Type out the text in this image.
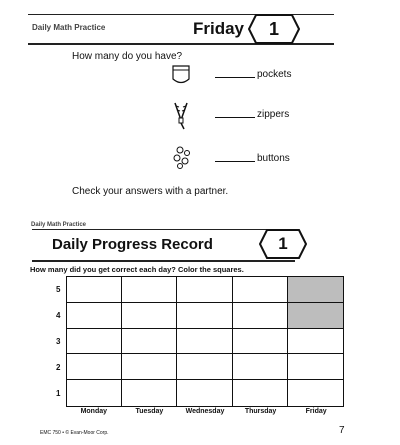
Daily Math Practice	Friday 1
How many do you have?
pockets
zippers
buttons
Check your answers with a partner.
Daily Math Practice
Daily Progress Record	1
How many did you get correct each day? Color the squares.
5
4
3
2
1
Monday	Tuesday	Wednesday	Thursday	Friday
EMC 750 • © Evan-Moor Corp.	7
